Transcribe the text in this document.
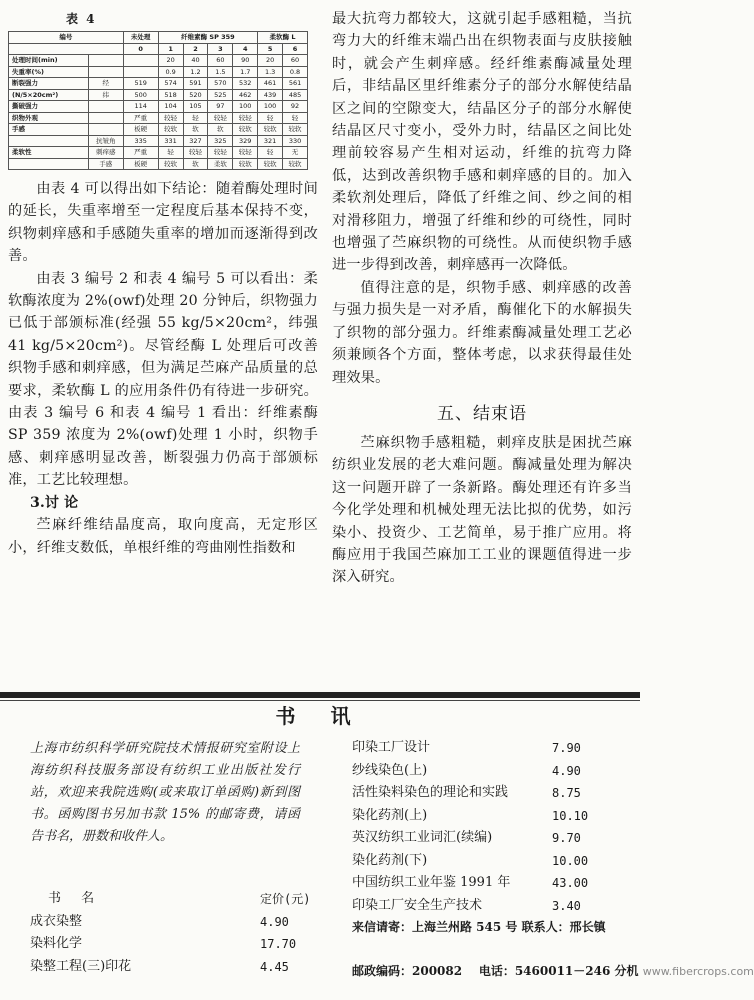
表 4
编号		未处理	纤维素酶 SP 359				柔软酶 L	
		0	1	2	3	4	5	6
处理时间(min)			20	40	60	90	20	60
失重率(%)			0.9	1.2	1.5	1.7	1.3	0.8
断裂强力	经	519	574	591	570	532	461	561
(N/5×20cm²)	纬	500	518	520	525	462	439	485
撕破强力		114	104	105	97	100	100	92
织物外观		严重	较轻	轻	较轻	较轻	轻	轻
手感		板硬	较软	软	软	较软	较软	较软
	抗皱角	335	331	327	325	329	321	330
柔软性	刺痒感	严重	轻	较轻	较轻	较轻	轻	无
	手感	板硬	较软	软	柔软	较软	较软	较软

由表 4 可以得出如下结论：随着酶处理时间的延长，失重率增至一定程度后基本保持不变，织物刺痒感和手感随失重率的增加而逐渐得到改善。

由表 3 编号 2 和表 4 编号 5 可以看出：柔软酶浓度为 2%(owf)处理 20 分钟后，织物强力已低于部颁标准(经强 55 kg/5×20cm²，纬强 41 kg/5×20cm²)。尽管经酶 L 处理后可改善织物手感和刺痒感，但为满足苎麻产品质量的总要求，柔软酶 L 的应用条件仍有待进一步研究。由表 3 编号 6 和表 4 编号 1 看出：纤维素酶 SP 359 浓度为 2%(owf)处理 1 小时，织物手感、刺痒感明显改善，断裂强力仍高于部颁标准，工艺比较理想。

3.讨 论

苎麻纤维结晶度高，取向度高，无定形区小，纤维支数低，单根纤维的弯曲刚性指数和

最大抗弯力都较大，这就引起手感粗糙，当抗弯力大的纤维末端凸出在织物表面与皮肤接触时，就会产生刺痒感。经纤维素酶减量处理后，非结晶区里纤维素分子的部分水解使结晶区之间的空隙变大，结晶区分子的部分水解使结晶区尺寸变小，受外力时，结晶区之间比处理前较容易产生相对运动，纤维的抗弯力降低，达到改善织物手感和刺痒感的目的。加入柔软剂处理后，降低了纤维之间、纱之间的相对滑移阻力，增强了纤维和纱的可绕性，同时也增强了苎麻织物的可绕性。从而使织物手感进一步得到改善，刺痒感再一次降低。

值得注意的是，织物手感、刺痒感的改善与强力损失是一对矛盾，酶催化下的水解损失了织物的部分强力。纤维素酶减量处理工艺必须兼顾各个方面，整体考虑，以求获得最佳处理效果。

五、结束语

苎麻织物手感粗糙，刺痒皮肤是困扰苎麻纺织业发展的老大难问题。酶减量处理为解决这一问题开辟了一条新路。酶处理还有许多当今化学处理和机械处理无法比拟的优势，如污染小、投资少、工艺简单，易于推广应用。将酶应用于我国苎麻加工工业的课题值得进一步深入研究。

书 讯

上海市纺织科学研究院技术情报研究室附设上海纺织科技服务部设有纺织工业出版社发行站，欢迎来我院选购(或来取订单函购)新到图书。函购图书另加书款 15% 的邮寄费，请函告书名，册数和收件人。

书 名	定价(元)
成衣染整	4.90
染料化学	17.70
染整工程(三)印花	4.45
印染工厂设计	7.90
纱线染色(上)	4.90
活性染料染色的理论和实践	8.75
染化药剂(上)	10.10
英汉纺织工业词汇(续编)	9.70
染化药剂(下)	10.00
中国纺织工业年鉴 1991 年	43.00
印染工厂安全生产技术	3.40

来信请寄：上海兰州路 545 号 联系人：邢长镇

邮政编码：200082 电话：5460011－246 分机 www.fibercrops.com
